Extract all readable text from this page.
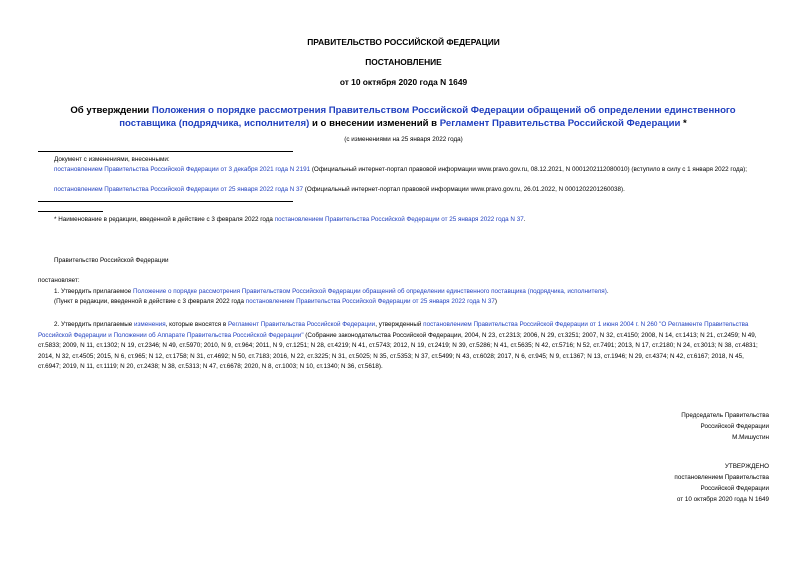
ПРАВИТЕЛЬСТВО РОССИЙСКОЙ ФЕДЕРАЦИИ
ПОСТАНОВЛЕНИЕ
от 10 октября 2020 года N 1649
Об утверждении Положения о порядке рассмотрения Правительством Российской Федерации обращений об определении единственного поставщика (подрядчика, исполнителя) и о внесении изменений в Регламент Правительства Российской Федерации *
(с изменениями на 25 января 2022 года)
Документ с изменениями, внесенными:
постановлением Правительства Российской Федерации от 3 декабря 2021 года N 2191 (Официальный интернет-портал правовой информации www.pravo.gov.ru, 08.12.2021, N 0001202112080010) (вступило в силу с 1 января 2022 года);
постановлением Правительства Российской Федерации от 25 января 2022 года N 37 (Официальный интернет-портал правовой информации www.pravo.gov.ru, 26.01.2022, N 0001202201260038).
* Наименование в редакции, введенной в действие с 3 февраля 2022 года постановлением Правительства Российской Федерации от 25 января 2022 года N 37.
Правительство Российской Федерации
постановляет:
1. Утвердить прилагаемое Положение о порядке рассмотрения Правительством Российской Федерации обращений об определении единственного поставщика (подрядчика, исполнителя).
(Пункт в редакции, введенной в действие с 3 февраля 2022 года постановлением Правительства Российской Федерации от 25 января 2022 года N 37)
2. Утвердить прилагаемые изменения, которые вносятся в Регламент Правительства Российской Федерации, утвержденный постановлением Правительства Российской Федерации от 1 июня 2004 г. N 260 "О Регламенте Правительства Российской Федерации и Положении об Аппарате Правительства Российской Федерации" (Собрание законодательства Российской Федерации, 2004, N 23, ст.2313; 2006, N 29, ст.3251; 2007, N 32, ст.4150; 2008, N 14, ст.1413; N 21, ст.2459; N 49, ст.5833; 2009, N 11, ст.1302; N 19, ст.2346; N 49, ст.5970; 2010, N 9, ст.964; 2011, N 9, ст.1251; N 28, ст.4219; N 41, ст.5743; 2012, N 19, ст.2419; N 39, ст.5286; N 41, ст.5635; N 42, ст.5716; N 52, ст.7491; 2013, N 17, ст.2180; N 24, ст.3013; N 38, ст.4831; 2014, N 32, ст.4505; 2015, N 6, ст.965; N 12, ст.1758; N 31, ст.4692; N 50, ст.7183; 2016, N 22, ст.3225; N 31, ст.5025; N 35, ст.5353; N 37, ст.5499; N 43, ст.6028; 2017, N 6, ст.945; N 9, ст.1367; N 13, ст.1946; N 29, ст.4374; N 42, ст.6167; 2018, N 45, ст.6947; 2019, N 11, ст.1119; N 20, ст.2438; N 38, ст.5313; N 47, ст.6678; 2020, N 8, ст.1003; N 10, ст.1340; N 36, ст.5618).
Председатель Правительства
Российской Федерации
М.Мишустин
УТВЕРЖДЕНО
постановлением Правительства
Российской Федерации
от 10 октября 2020 года N 1649
